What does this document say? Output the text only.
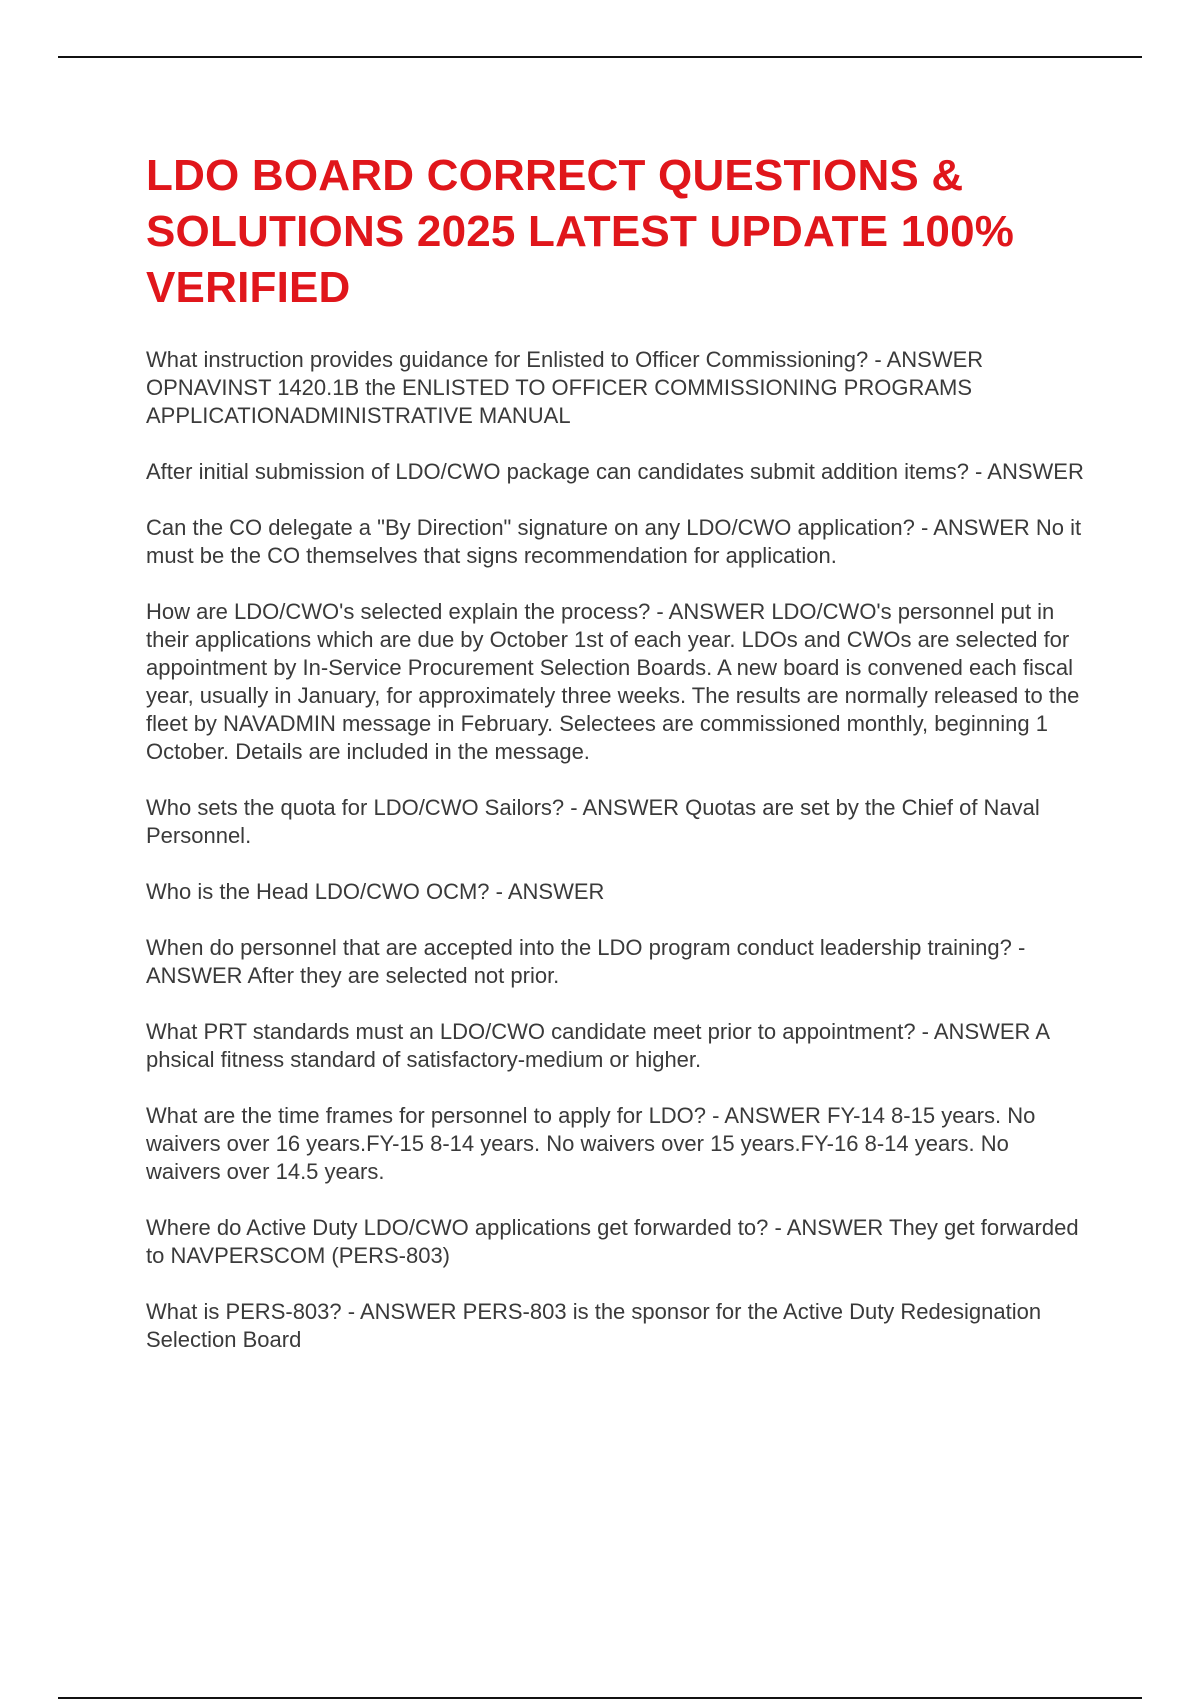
LDO BOARD CORRECT QUESTIONS & SOLUTIONS 2025 LATEST UPDATE 100% VERIFIED
What instruction provides guidance for Enlisted to Officer Commissioning? - ANSWER OPNAVINST 1420.1B the ENLISTED TO OFFICER COMMISSIONING PROGRAMS APPLICATIONADMINISTRATIVE MANUAL
After initial submission of LDO/CWO package can candidates submit addition items? - ANSWER
Can the CO delegate a "By Direction" signature on any LDO/CWO application? - ANSWER No it must be the CO themselves that signs recommendation for application.
How are LDO/CWO's selected explain the process? - ANSWER LDO/CWO's personnel put in their applications which are due by October 1st of each year. LDOs and CWOs are selected for appointment by In-Service Procurement Selection Boards. A new board is convened each fiscal year, usually in January, for approximately three weeks. The results are normally released to the fleet by NAVADMIN message in February. Selectees are commissioned monthly, beginning 1 October. Details are included in the message.
Who sets the quota for LDO/CWO Sailors? - ANSWER Quotas are set by the Chief of Naval Personnel.
Who is the Head LDO/CWO OCM? - ANSWER
When do personnel that are accepted into the LDO program conduct leadership training? - ANSWER After they are selected not prior.
What PRT standards must an LDO/CWO candidate meet prior to appointment? - ANSWER A phsical fitness standard of satisfactory-medium or higher.
What are the time frames for personnel to apply for LDO? - ANSWER FY-14 8-15 years. No waivers over 16 years.FY-15 8-14 years. No waivers over 15 years.FY-16 8-14 years. No waivers over 14.5 years.
Where do Active Duty LDO/CWO applications get forwarded to? - ANSWER They get forwarded to NAVPERSCOM (PERS-803)
What is PERS-803? - ANSWER PERS-803 is the sponsor for the Active Duty Redesignation Selection Board
